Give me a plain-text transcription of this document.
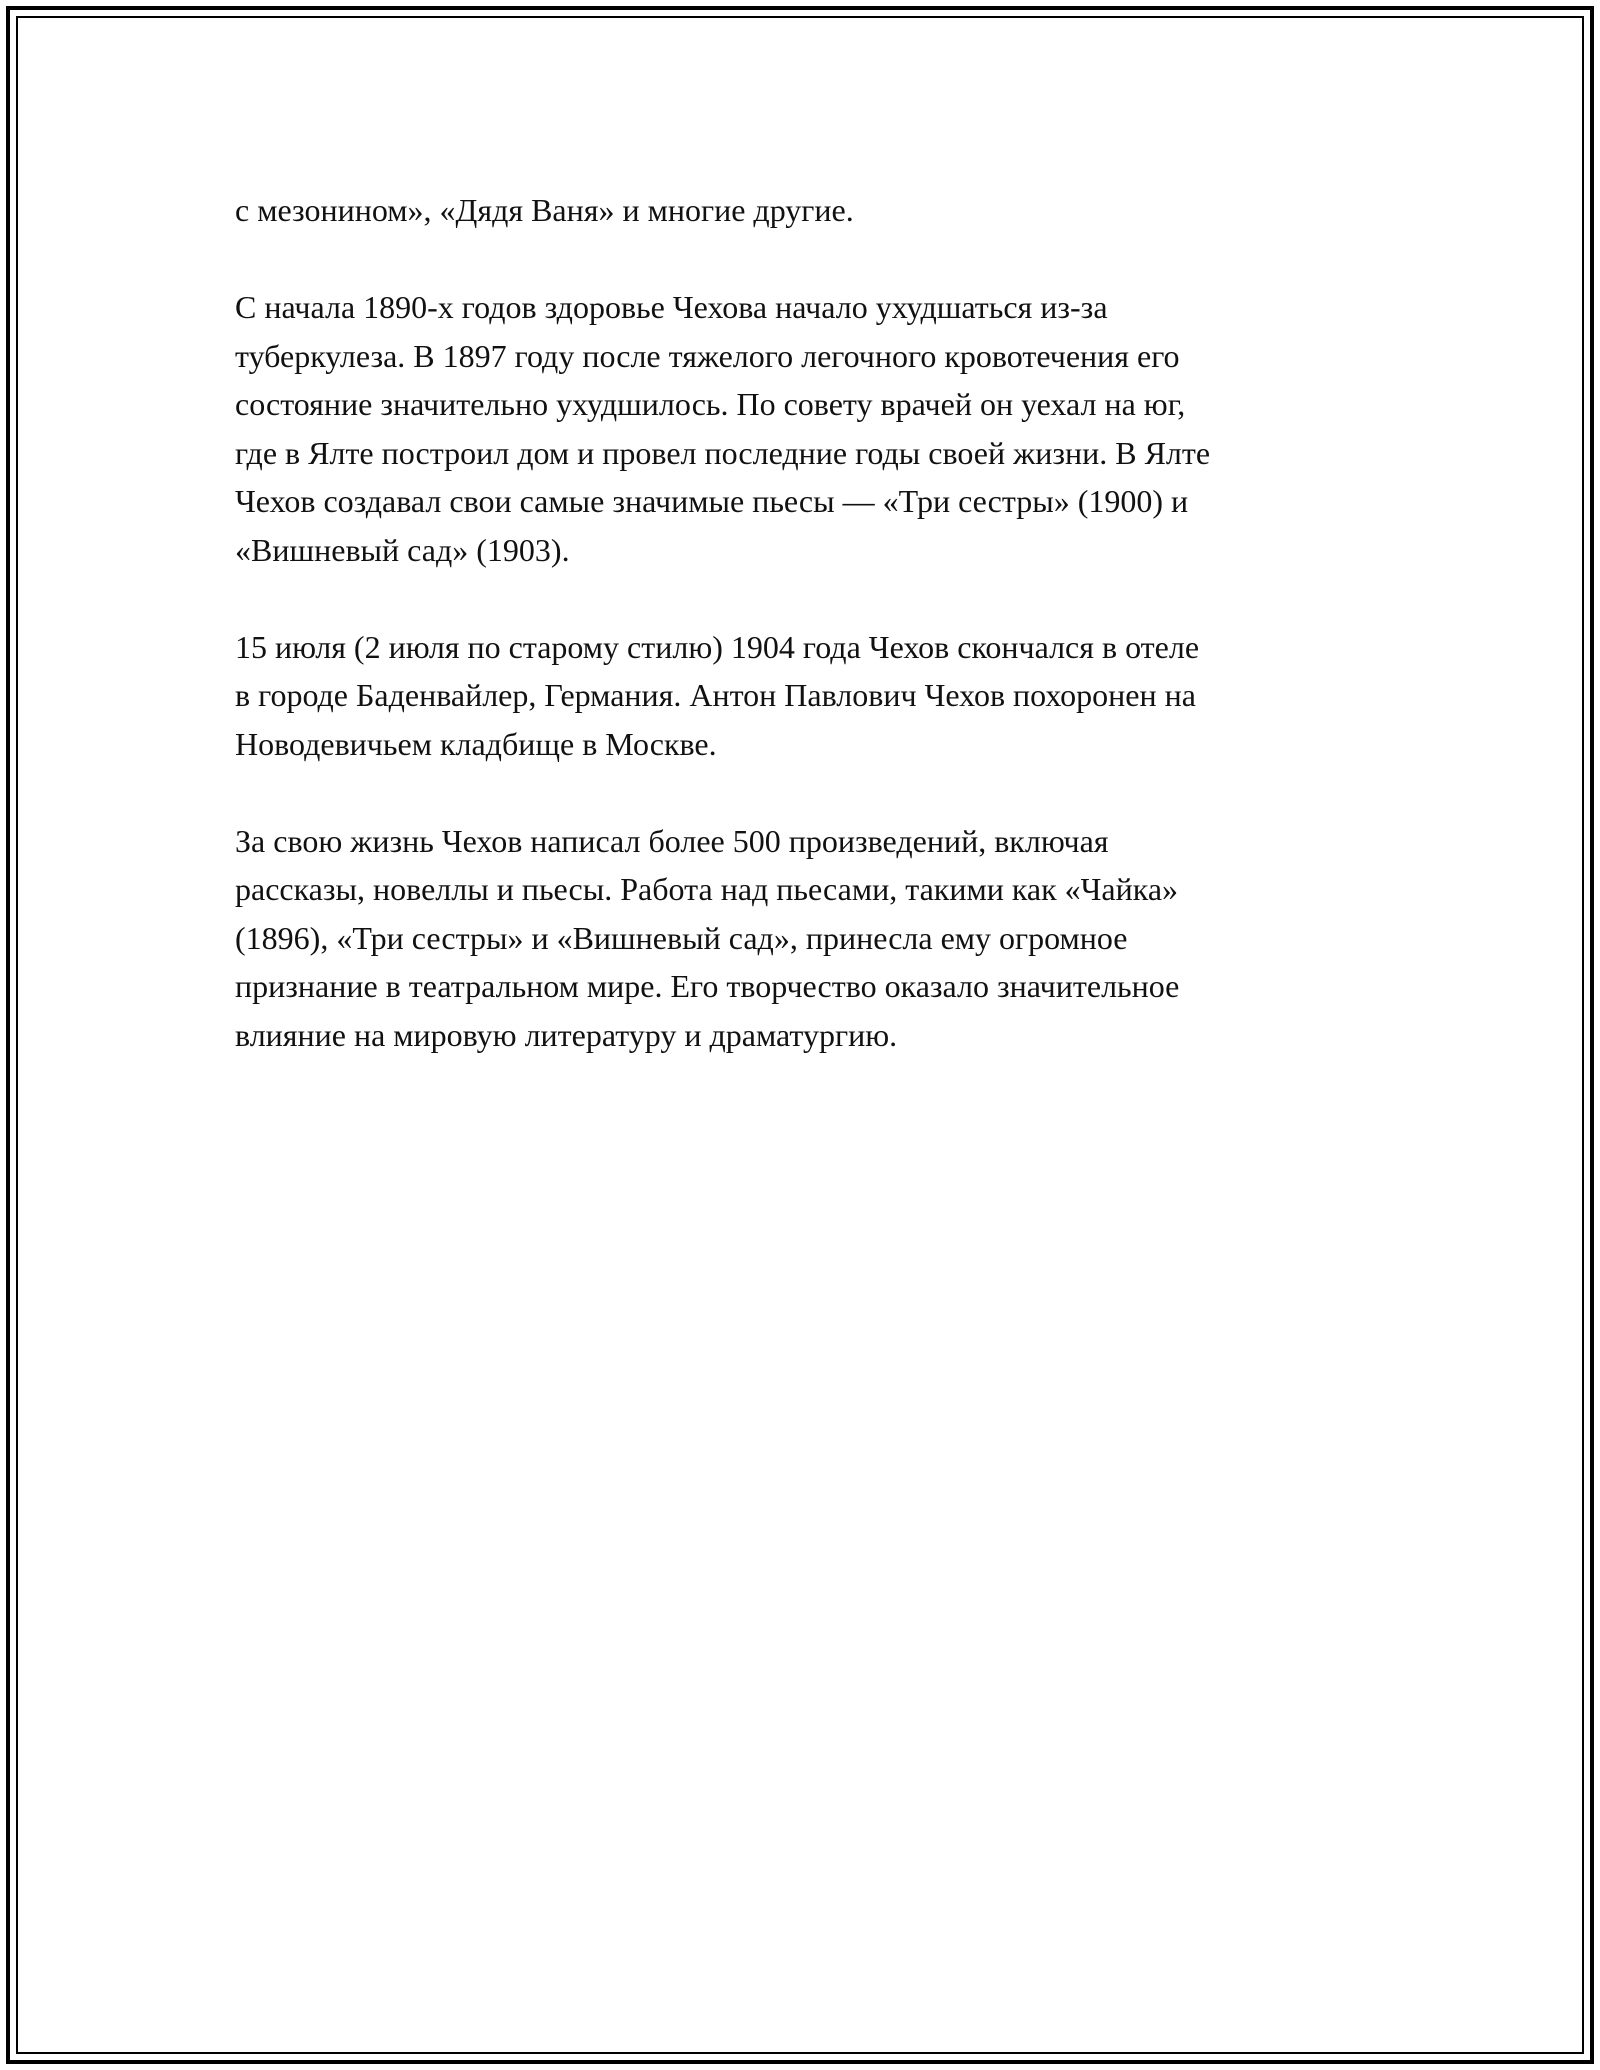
с мезонином», «Дядя Ваня» и многие другие.

С начала 1890-х годов здоровье Чехова начало ухудшаться из-за
туберкулеза. В 1897 году после тяжелого легочного кровотечения его
состояние значительно ухудшилось. По совету врачей он уехал на юг,
где в Ялте построил дом и провел последние годы своей жизни. В Ялте
Чехов создавал свои самые значимые пьесы — «Три сестры» (1900) и
«Вишневый сад» (1903).

15 июля (2 июля по старому стилю) 1904 года Чехов скончался в отеле
в городе Баденвайлер, Германия. Антон Павлович Чехов похоронен на
Новодевичьем кладбище в Москве.

За свою жизнь Чехов написал более 500 произведений, включая
рассказы, новеллы и пьесы. Работа над пьесами, такими как «Чайка»
(1896), «Три сестры» и «Вишневый сад», принесла ему огромное
признание в театральном мире. Его творчество оказало значительное
влияние на мировую литературу и драматургию.
